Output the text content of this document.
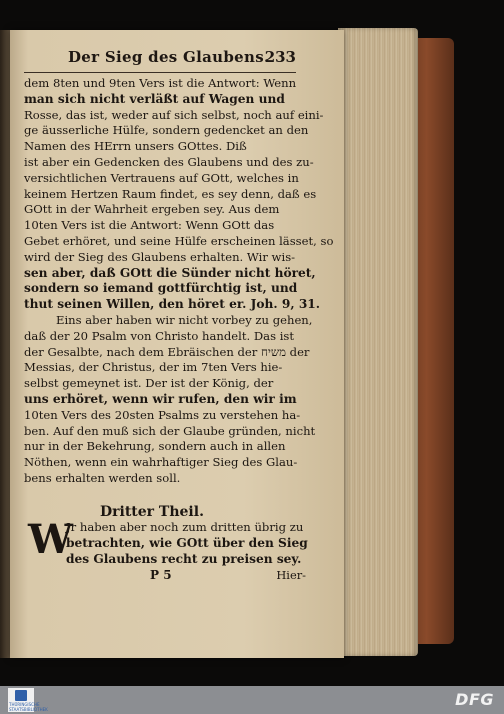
Der Sieg des Glaubens.
233
dem 8ten und 9ten Vers ist die Antwort: Wenn
man sich nicht verläßt auf Wagen und
Rosse, das ist, weder auf sich selbst, noch auf eini-
ge äusserliche Hülfe, sondern gedencket an den
Namen des HErrn unsers GOttes. Diß
ist aber ein Gedencken des Glaubens und des zu-
versichtlichen Vertrauens auf GOtt, welches in
keinem Hertzen Raum findet, es sey denn, daß es
GOtt in der Wahrheit ergeben sey. Aus dem
10ten Vers ist die Antwort: Wenn GOtt das
Gebet erhöret, und seine Hülfe erscheinen lässet, so
wird der Sieg des Glaubens erhalten. Wir wis-
sen aber, daß GOtt die Sünder nicht höret,
sondern so iemand gottfürchtig ist, und
thut seinen Willen, den höret er. Joh. 9, 31.
Eins aber haben wir nicht vorbey zu gehen,
daß der 20 Psalm von Christo handelt. Das ist
der Gesalbte, nach dem Ebräischen der משיח der
Messias, der Christus, der im 7ten Vers hie-
selbst gemeynet ist. Der ist der König, der
uns erhöret, wenn wir rufen, den wir im
10ten Vers des 20sten Psalms zu verstehen ha-
ben. Auf den muß sich der Glaube gründen, nicht
nur in der Bekehrung, sondern auch in allen
Nöthen, wenn ein wahrhaftiger Sieg des Glau-
bens erhalten werden soll.
Dritter Theil.
W
Jr haben aber noch zum dritten übrig zu
betrachten, wie GOtt über den Sieg
des Glaubens recht zu preisen sey.
P 5	Hier-
THÜRINGISCHE STAATSBIBLIOTHEK
DFG
